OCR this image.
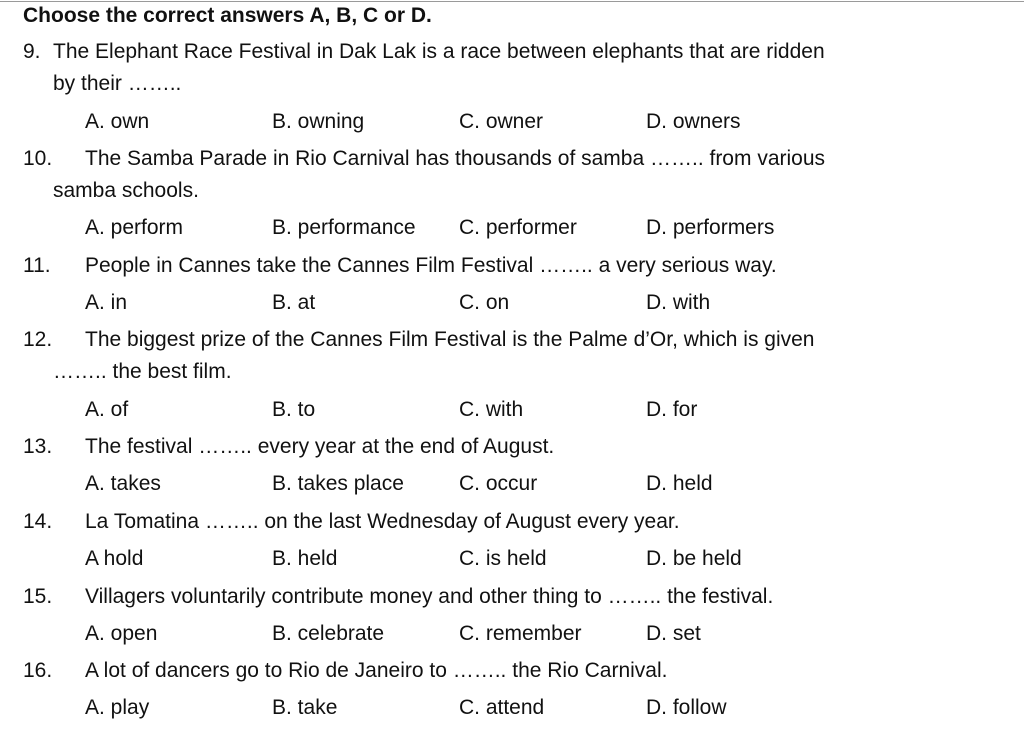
Choose the correct answers A, B, C or D.
9. The Elephant Race Festival in Dak Lak is a race between elephants that are ridden
by their ……..
A. own	B. owning	C. owner	D. owners
10. The Samba Parade in Rio Carnival has thousands of samba …….. from various
samba schools.
A. perform	B. performance C. performer	D. performers
11. People in Cannes take the Cannes Film Festival …….. a very serious way.
A. in	B. at	C. on	D. with
12. The biggest prize of the Cannes Film Festival is the Palme d’Or, which is given
…….. the best film.
A. of	B. to	C. with	D. for
13. The festival …….. every year at the end of August.
A. takes	B. takes place	C. occur	D. held
14. La Tomatina …….. on the last Wednesday of August every year.
A hold	B. held	C. is held	D. be held
15. Villagers voluntarily contribute money and other thing to …….. the festival.
A. open	B. celebrate	C. remember	D. set
16. A lot of dancers go to Rio de Janeiro to …….. the Rio Carnival.
A. play	B. take	C. attend	D. follow
